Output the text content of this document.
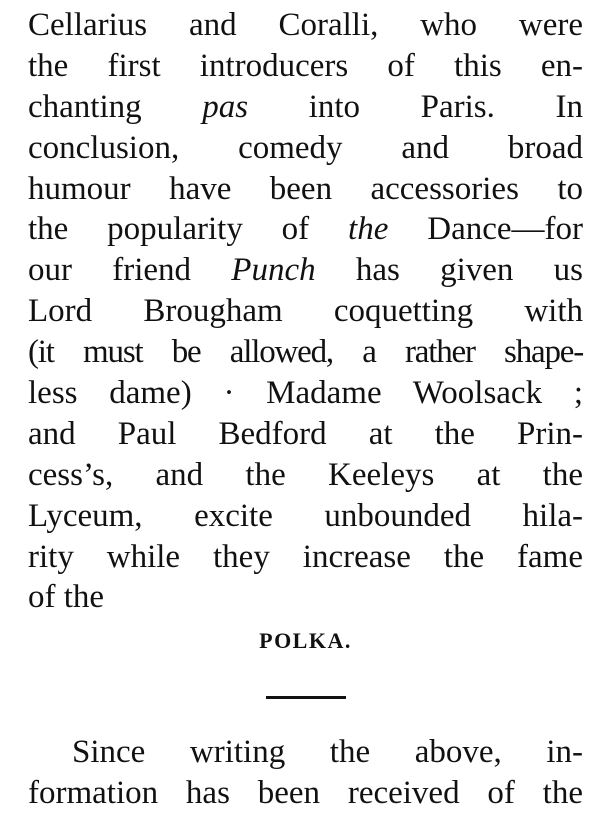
Cellarius and Coralli, who were
the first introducers of this en-
chanting pas into Paris. In
conclusion, comedy and broad
humour have been accessories to
the popularity of the Dance—for
our friend Punch has given us
Lord Brougham coquetting with
(it must be allowed, a rather shape-
less dame) · Madame Woolsack ;
and Paul Bedford at the Prin-
cess’s, and the Keeleys at the
Lyceum, excite unbounded hila-
rity while they increase the fame
of the
POLKA.
Since writing the above, in-
formation has been received of the
